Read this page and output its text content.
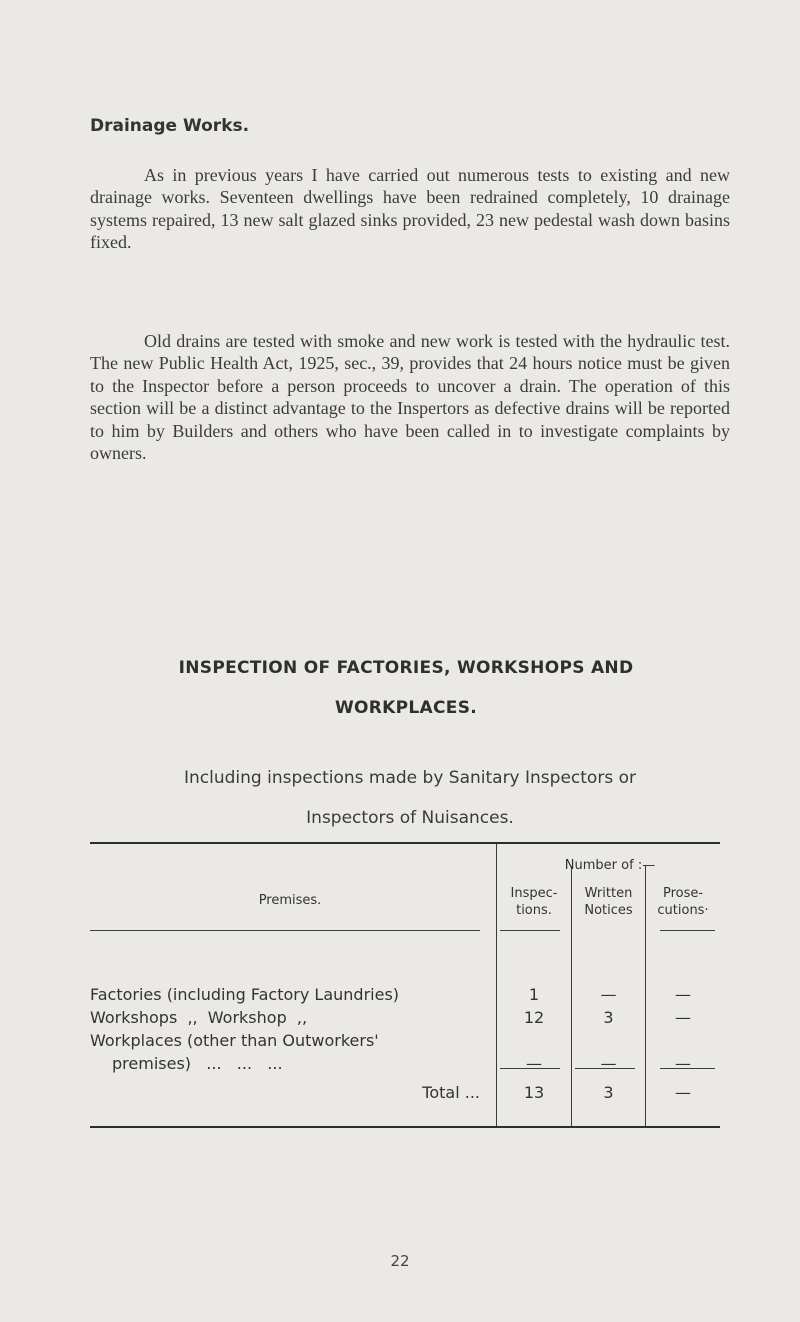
Drainage Works.

As in previous years I have carried out numerous tests to existing and new drainage works. Seventeen dwellings have been redrained completely, 10 drainage systems repaired, 13 new salt glazed sinks provided, 23 new pedestal wash down basins fixed.

Old drains are tested with smoke and new work is tested with the hydraulic test. The new Public Health Act, 1925, sec., 39, provides that 24 hours notice must be given to the Inspector before a person proceeds to uncover a drain. The operation of this section will be a distinct advantage to the Inspertors as defective drains will be reported to him by Builders and others who have been called in to investigate complaints by owners.

INSPECTION OF FACTORIES, WORKSHOPS AND
WORKPLACES.
Including inspections made by Sanitary Inspectors or
Inspectors of Nuisances.
Premises.
Number of :—
Inspec-
tions.
Written
Notices
Prose-
cutions·
Factories (including Factory Laundries)	1	—	—
Workshops  ,,  Workshop  ,,	12	3	—
Workplaces (other than Outworkers'
premises)   ...   ...   ...	—	—	—
Total ...	13	3	—
22
